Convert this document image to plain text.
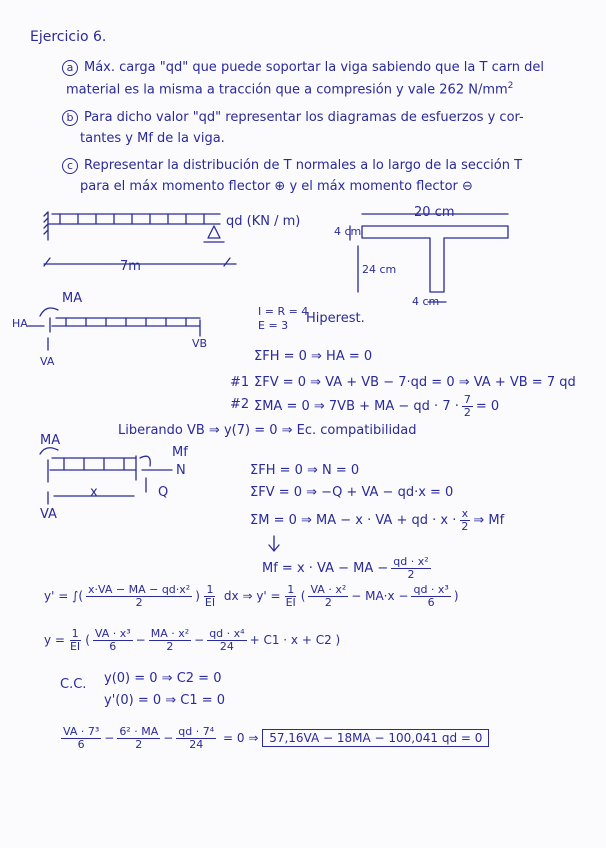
Ejercicio 6.
a Máx. carga "qd" que puede soportar la viga sabiendo que la T carn del
material es la misma a tracción que a compresión y vale 262 $N/mm^2$
b Para dicho valor "qd" representar los diagramas de esfuerzos y cor-
tantes y Mf de la viga.
c Representar la distribución de T normales a lo largo de la sección T
para el máx momento flector ⊕ y el máx momento flector ⊖
qd (KN / m)
7m
20 cm
4 cm
24 cm
4 cm
MA
HA
VA
VB
I = R = 4
E = 3 Hiperest.
ΣFH = 0 ⇒ HA = 0
#1 ΣFV = 0 ⇒ VA + VB − 7·qd = 0 ⇒ VA + VB = 7 qd
#2 ΣMA = 0 ⇒ 7VB + MA − qd · $7 \cdot \frac{7}{2} = 0$
Liberando VB ⇒ y(7) = 0 ⇒ Ec. compatibilidad
MA
Mf
N
Q
x
VA
ΣFH = 0 ⇒ N = 0
ΣFV = 0 ⇒ −Q + VA − qd·x = 0
ΣM = 0 ⇒ MA − x · VA + qd · $x \cdot \frac{x}{2}$ ⇒ Mf
Mf = x · VA − MA − $\frac{\text{qd · x²}}{2}$
y' = ∫( $\frac{\text{x·VA − MA − qd·x²}}{2}$ ) $\frac{1}{EI}$ dx ⇒ $y' = \frac{1}{EI}$ ( $\frac{\text{VA · x²}}{2} - MA\cdot x - \frac{\text{qd · x³}}{6}$ )
$y = \frac{1}{EI}$ ( $\frac{\text{VA · x³}}{6} - \frac{\text{MA · x²}}{2} - \frac{\text{qd · x⁴}}{24} + C1 \cdot x + C2$ )
C.C. y(0) = 0 ⇒ C2 = 0
y'(0) = 0 ⇒ C1 = 0
$\frac{\text{VA · 7³}}{6} - \frac{\text{6² · MA}}{2} - \frac{\text{qd · 7⁴}}{24} = 0$ ⇒ 57,16VA − 18MA − 100,041 qd = 0
